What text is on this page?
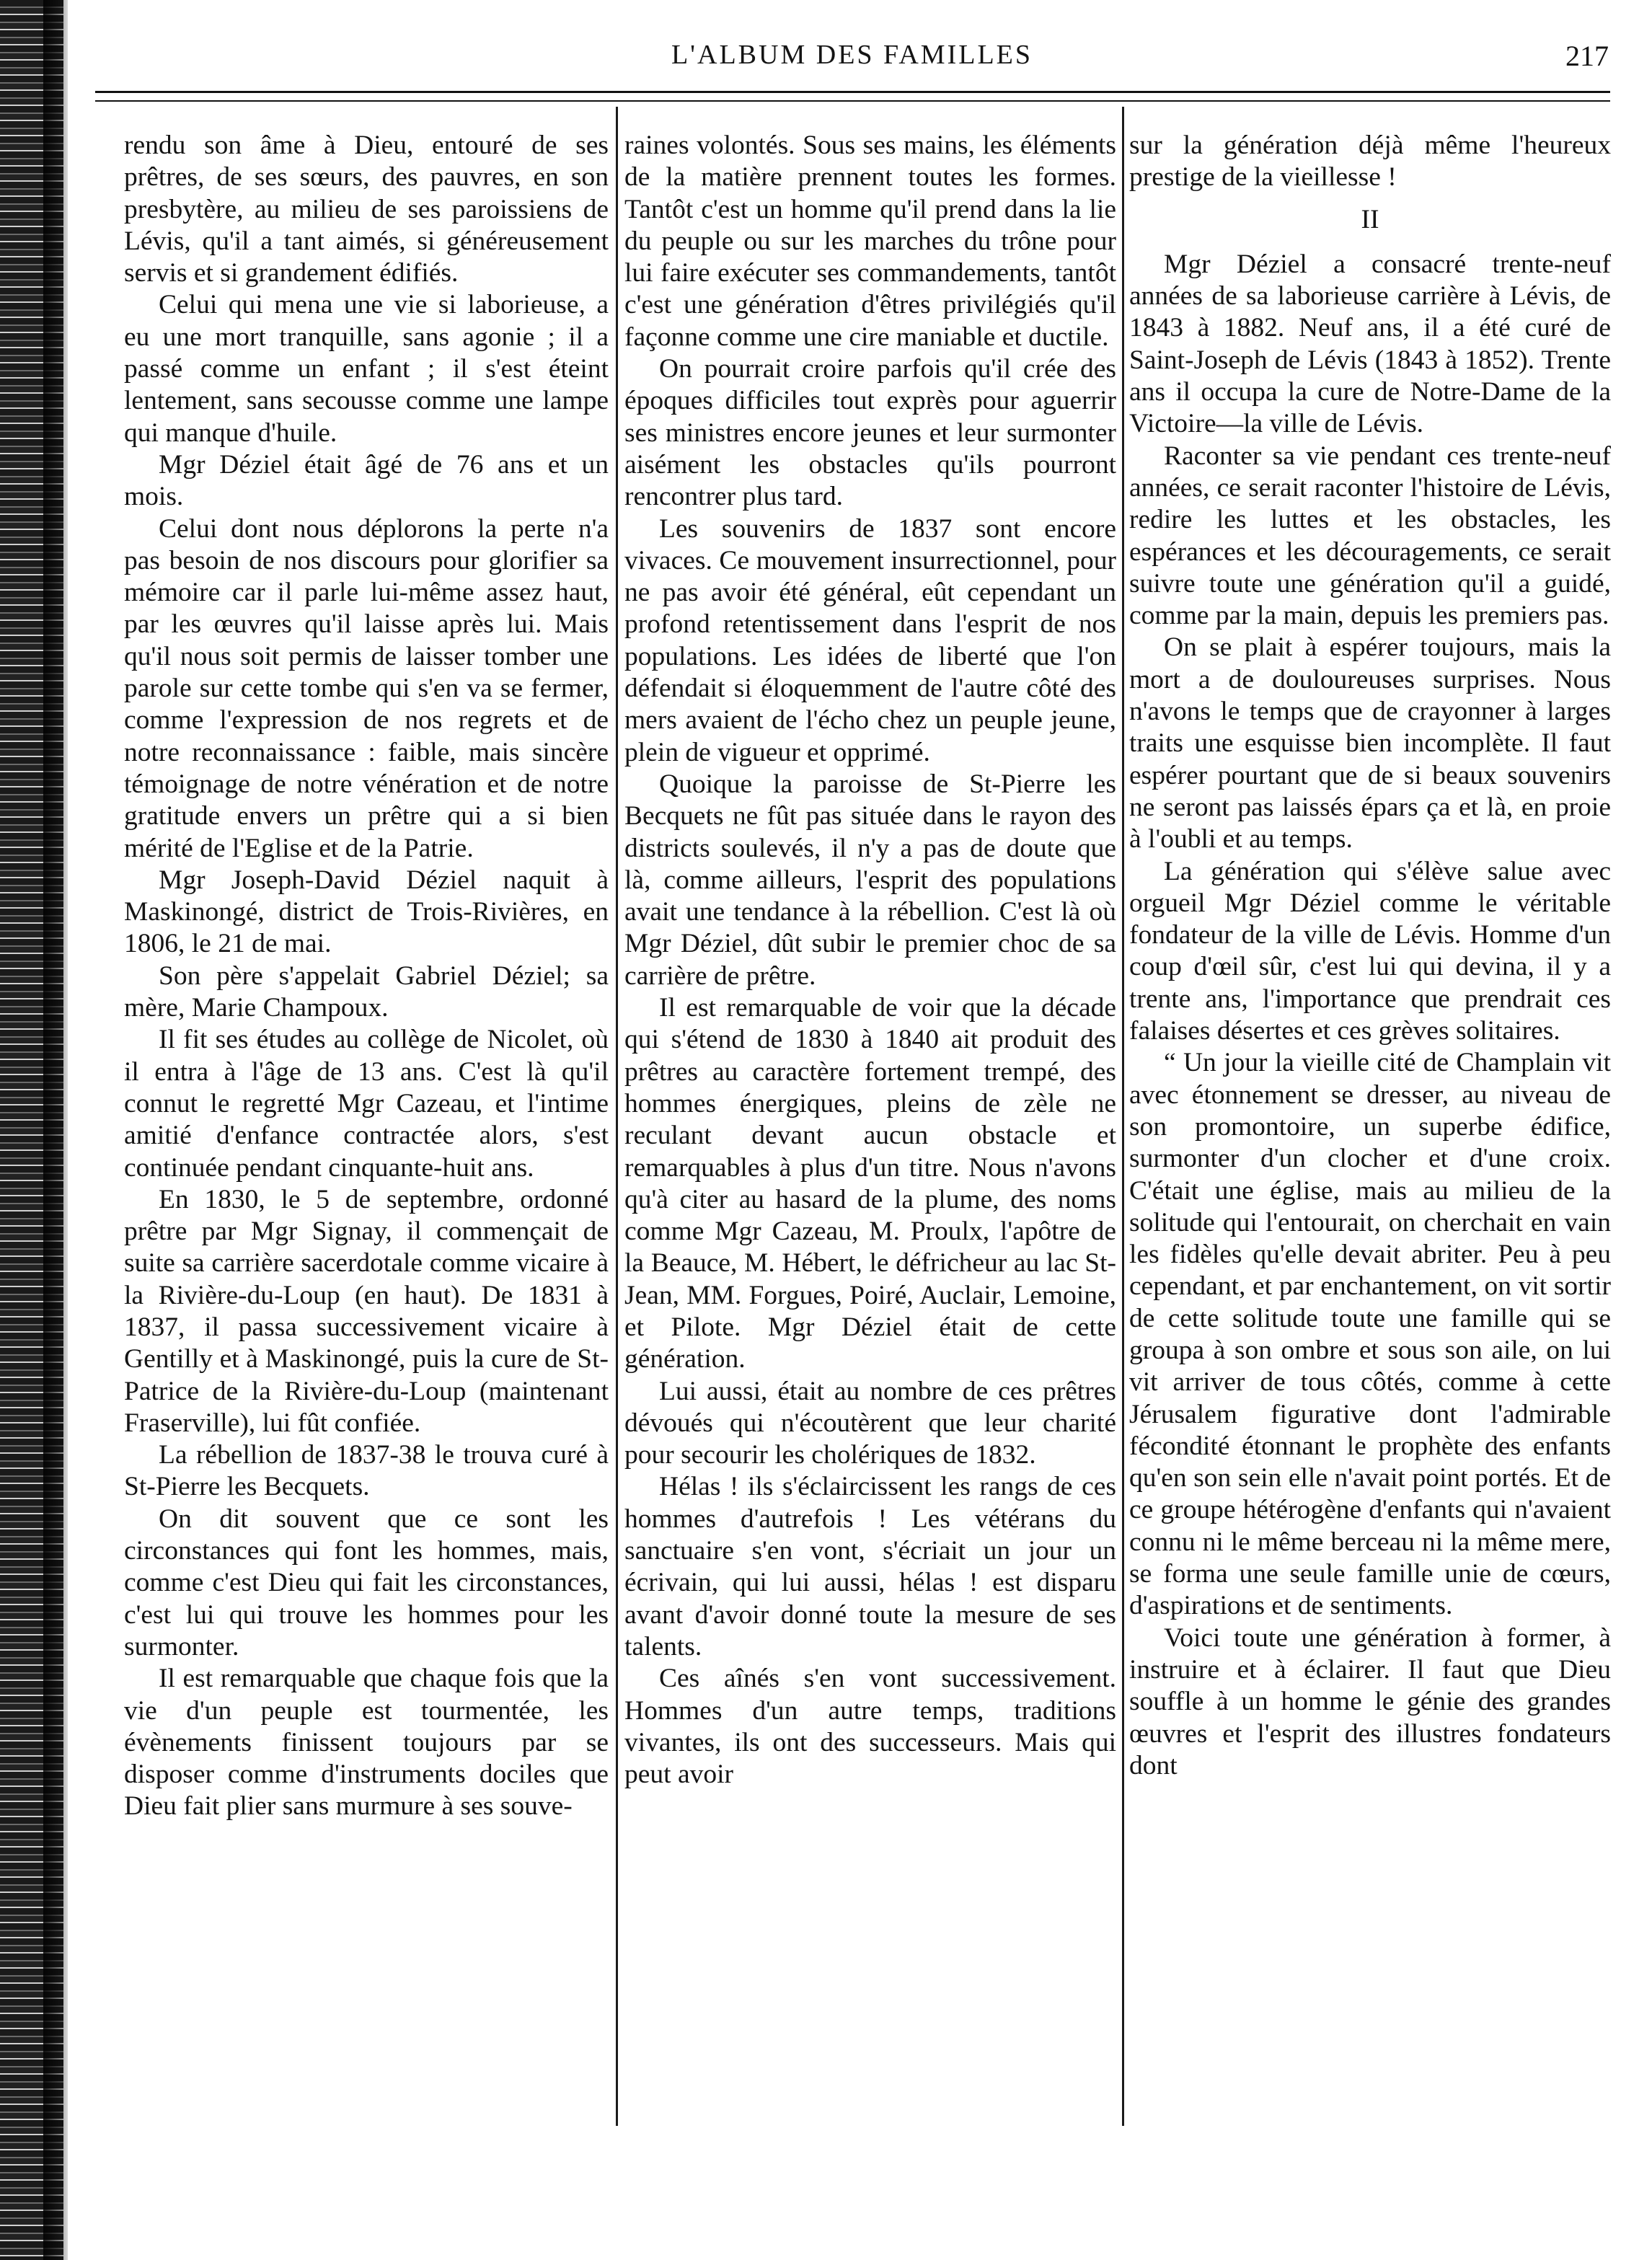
L'ALBUM DES FAMILLES	217

rendu son âme à Dieu, entouré de ses prêtres, de ses sœurs, des pauvres, en son presbytère, au milieu de ses paroissiens de Lévis, qu'il a tant aimés, si généreusement servis et si grandement édifiés.

Celui qui mena une vie si laborieuse, a eu une mort tranquille, sans agonie ; il a passé comme un enfant ; il s'est éteint lentement, sans secousse comme une lampe qui manque d'huile.

Mgr Déziel était âgé de 76 ans et un mois.

Celui dont nous déplorons la perte n'a pas besoin de nos discours pour glorifier sa mémoire car il parle lui-même assez haut, par les œuvres qu'il laisse après lui. Mais qu'il nous soit permis de laisser tomber une parole sur cette tombe qui s'en va se fermer, comme l'expression de nos regrets et de notre reconnaissance : faible, mais sincère témoignage de notre vénération et de notre gratitude envers un prêtre qui a si bien mérité de l'Eglise et de la Patrie.

Mgr Joseph-David Déziel naquit à Maskinongé, district de Trois-Rivières, en 1806, le 21 de mai.

Son père s'appelait Gabriel Déziel; sa mère, Marie Champoux.

Il fit ses études au collège de Nicolet, où il entra à l'âge de 13 ans. C'est là qu'il connut le regretté Mgr Cazeau, et l'intime amitié d'enfance contractée alors, s'est continuée pendant cinquante-huit ans.

En 1830, le 5 de septembre, ordonné prêtre par Mgr Signay, il commençait de suite sa carrière sacerdotale comme vicaire à la Rivière-du-Loup (en haut). De 1831 à 1837, il passa successivement vicaire à Gentilly et à Maskinongé, puis la cure de St-Patrice de la Rivière-du-Loup (maintenant Fraserville), lui fût confiée.

La rébellion de 1837-38 le trouva curé à St-Pierre les Becquets.

On dit souvent que ce sont les circonstances qui font les hommes, mais, comme c'est Dieu qui fait les circonstances, c'est lui qui trouve les hommes pour les surmonter.

Il est remarquable que chaque fois que la vie d'un peuple est tourmentée, les évènements finissent toujours par se disposer comme d'instruments dociles que Dieu fait plier sans murmure à ses souve-

raines volontés. Sous ses mains, les éléments de la matière prennent toutes les formes. Tantôt c'est un homme qu'il prend dans la lie du peuple ou sur les marches du trône pour lui faire exécuter ses commandements, tantôt c'est une génération d'êtres privilégiés qu'il façonne comme une cire maniable et ductile.

On pourrait croire parfois qu'il crée des époques difficiles tout exprès pour aguerrir ses ministres encore jeunes et leur surmonter aisément les obstacles qu'ils pourront rencontrer plus tard.

Les souvenirs de 1837 sont encore vivaces. Ce mouvement insurrectionnel, pour ne pas avoir été général, eût cependant un profond retentissement dans l'esprit de nos populations. Les idées de liberté que l'on défendait si éloquemment de l'autre côté des mers avaient de l'écho chez un peuple jeune, plein de vigueur et opprimé.

Quoique la paroisse de St-Pierre les Becquets ne fût pas située dans le rayon des districts soulevés, il n'y a pas de doute que là, comme ailleurs, l'esprit des populations avait une tendance à la rébellion. C'est là où Mgr Déziel, dût subir le premier choc de sa carrière de prêtre.

Il est remarquable de voir que la décade qui s'étend de 1830 à 1840 ait produit des prêtres au caractère fortement trempé, des hommes énergiques, pleins de zèle ne reculant devant aucun obstacle et remarquables à plus d'un titre. Nous n'avons qu'à citer au hasard de la plume, des noms comme Mgr Cazeau, M. Proulx, l'apôtre de la Beauce, M. Hébert, le défricheur au lac St-Jean, MM. Forgues, Poiré, Auclair, Lemoine, et Pilote. Mgr Déziel était de cette génération.

Lui aussi, était au nombre de ces prêtres dévoués qui n'écoutèrent que leur charité pour secourir les cholériques de 1832.

Hélas ! ils s'éclaircissent les rangs de ces hommes d'autrefois ! Les vétérans du sanctuaire s'en vont, s'écriait un jour un écrivain, qui lui aussi, hélas ! est disparu avant d'avoir donné toute la mesure de ses talents.

Ces aînés s'en vont successivement. Hommes d'un autre temps, traditions vivantes, ils ont des successeurs. Mais qui peut avoir

sur la génération déjà même l'heureux prestige de la vieillesse !

II

Mgr Déziel a consacré trente-neuf années de sa laborieuse carrière à Lévis, de 1843 à 1882. Neuf ans, il a été curé de Saint-Joseph de Lévis (1843 à 1852). Trente ans il occupa la cure de Notre-Dame de la Victoire—la ville de Lévis.

Raconter sa vie pendant ces trente-neuf années, ce serait raconter l'histoire de Lévis, redire les luttes et les obstacles, les espérances et les découragements, ce serait suivre toute une génération qu'il a guidé, comme par la main, depuis les premiers pas.

On se plait à espérer toujours, mais la mort a de douloureuses surprises. Nous n'avons le temps que de crayonner à larges traits une esquisse bien incomplète. Il faut espérer pourtant que de si beaux souvenirs ne seront pas laissés épars ça et là, en proie à l'oubli et au temps.

La génération qui s'élève salue avec orgueil Mgr Déziel comme le véritable fondateur de la ville de Lévis. Homme d'un coup d'œil sûr, c'est lui qui devina, il y a trente ans, l'importance que prendrait ces falaises désertes et ces grèves solitaires.

“ Un jour la vieille cité de Champlain vit avec étonnement se dresser, au niveau de son promontoire, un superbe édifice, surmonter d'un clocher et d'une croix. C'était une église, mais au milieu de la solitude qui l'entourait, on cherchait en vain les fidèles qu'elle devait abriter. Peu à peu cependant, et par enchantement, on vit sortir de cette solitude toute une famille qui se groupa à son ombre et sous son aile, on lui vit arriver de tous côtés, comme à cette Jérusalem figurative dont l'admirable fécondité étonnant le prophète des enfants qu'en son sein elle n'avait point portés. Et de ce groupe hétérogène d'enfants qui n'avaient connu ni le même berceau ni la même mere, se forma une seule famille unie de cœurs, d'aspirations et de sentiments.

Voici toute une génération à former, à instruire et à éclairer. Il faut que Dieu souffle à un homme le génie des grandes œuvres et l'esprit des illustres fondateurs dont
